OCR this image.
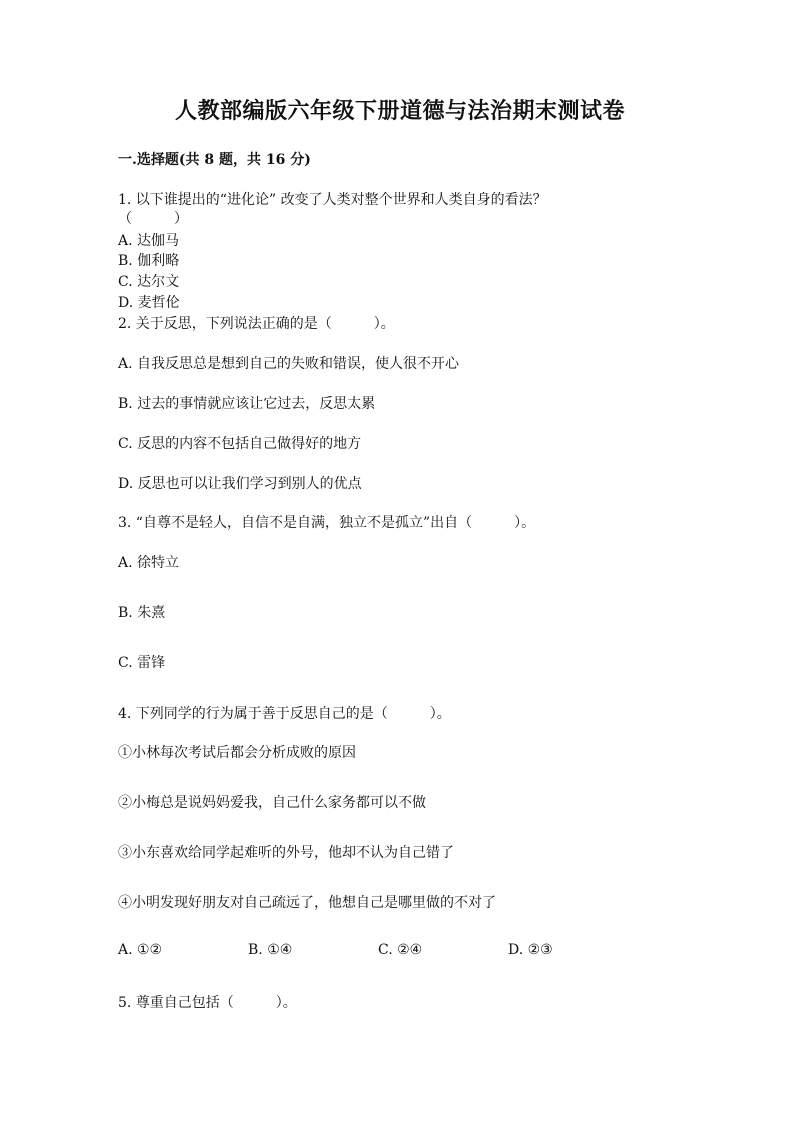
人教部编版六年级下册道德与法治期末测试卷
一.选择题(共 8 题，共 16 分)
1. 以下谁提出的“进化论” 改变了人类对整个世界和人类自身的看法？
（　　　）
A. 达伽马
B. 伽利略
C. 达尔文
D. 麦哲伦
2. 关于反思，下列说法正确的是（　　　）。
A. 自我反思总是想到自己的失败和错误，使人很不开心
B. 过去的事情就应该让它过去，反思太累
C. 反思的内容不包括自己做得好的地方
D. 反思也可以让我们学习到别人的优点
3. “自尊不是轻人，自信不是自满，独立不是孤立”出自（　　　）。
A. 徐特立
B. 朱熹
C. 雷锋
4. 下列同学的行为属于善于反思自己的是（　　　）。
①小林每次考试后都会分析成败的原因
②小梅总是说妈妈爱我，自己什么家务都可以不做
③小东喜欢给同学起难听的外号，他却不认为自己错了
④小明发现好朋友对自己疏远了，他想自己是哪里做的不对了
A. ①②	B. ①④	C. ②④	D. ②③
5. 尊重自己包括（　　　）。
